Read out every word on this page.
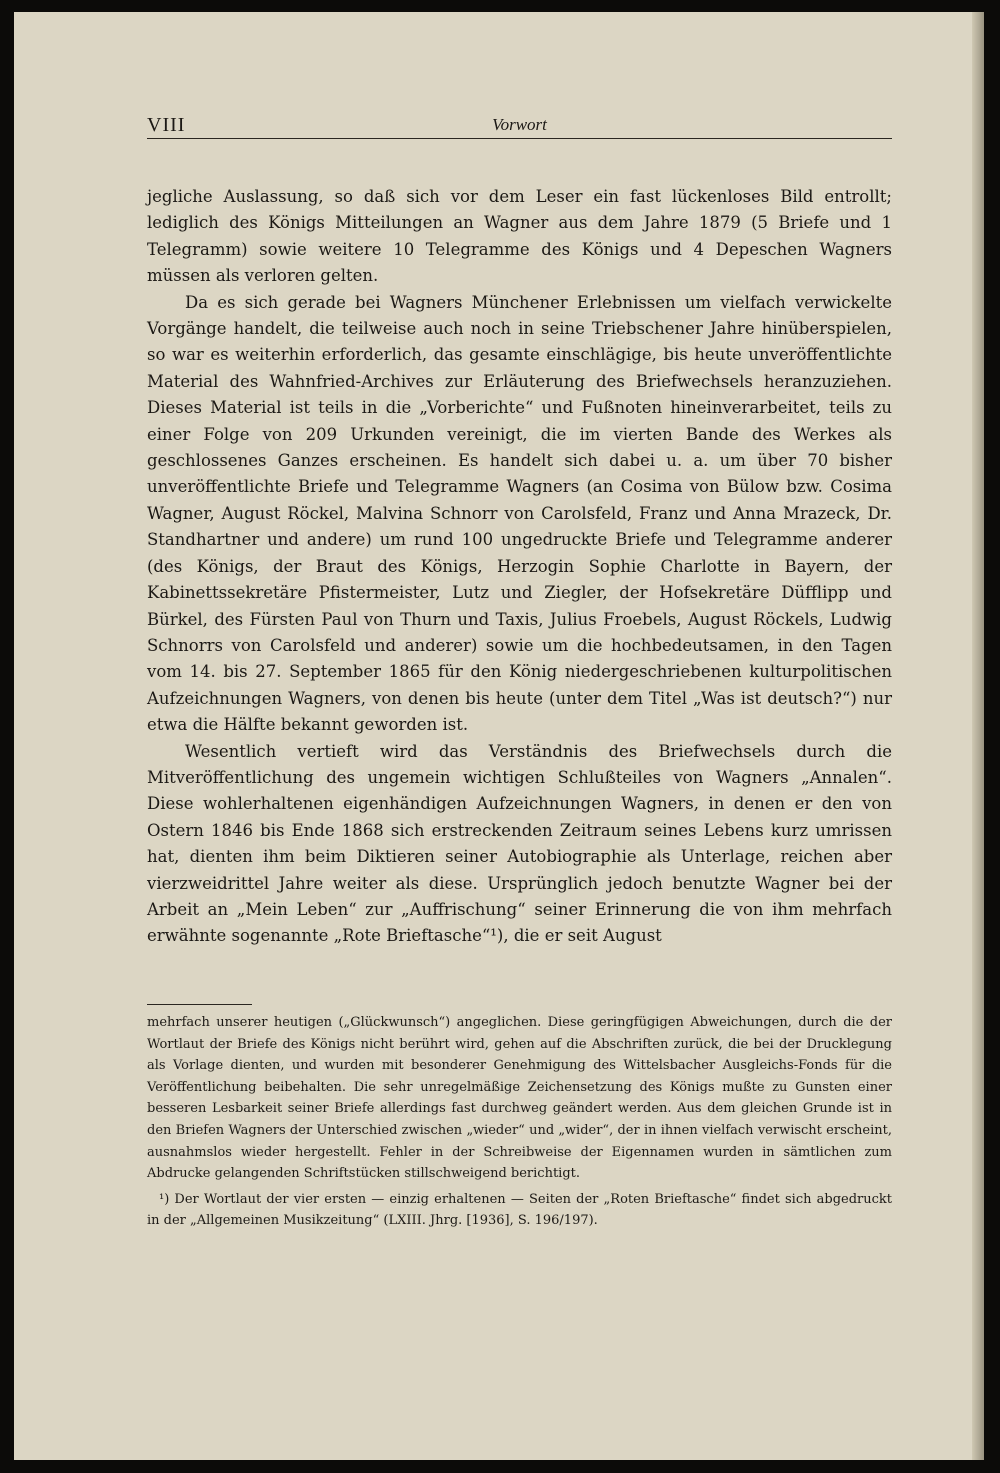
VIII	Vorwort

jegliche Auslassung, so daß sich vor dem Leser ein fast lückenloses Bild entrollt; lediglich des Königs Mitteilungen an Wagner aus dem Jahre 1879 (5 Briefe und 1 Telegramm) sowie weitere 10 Telegramme des Königs und 4 Depeschen Wagners müssen als verloren gelten.

Da es sich gerade bei Wagners Münchener Erlebnissen um vielfach verwickelte Vorgänge handelt, die teilweise auch noch in seine Triebschener Jahre hinüberspielen, so war es weiterhin erforderlich, das gesamte einschlägige, bis heute unveröffentlichte Material des Wahnfried-Archives zur Erläuterung des Briefwechsels heranzuziehen. Dieses Material ist teils in die „Vorberichte“ und Fußnoten hineinverarbeitet, teils zu einer Folge von 209 Urkunden vereinigt, die im vierten Bande des Werkes als geschlossenes Ganzes erscheinen. Es handelt sich dabei u. a. um über 70 bisher unveröffentlichte Briefe und Telegramme Wagners (an Cosima von Bülow bzw. Cosima Wagner, August Röckel, Malvina Schnorr von Carolsfeld, Franz und Anna Mrazeck, Dr. Standhartner und andere) um rund 100 ungedruckte Briefe und Telegramme anderer (des Königs, der Braut des Königs, Herzogin Sophie Charlotte in Bayern, der Kabinettssekretäre Pfistermeister, Lutz und Ziegler, der Hofsekretäre Düfflipp und Bürkel, des Fürsten Paul von Thurn und Taxis, Julius Froebels, August Röckels, Ludwig Schnorrs von Carolsfeld und anderer) sowie um die hochbedeutsamen, in den Tagen vom 14. bis 27. September 1865 für den König niedergeschriebenen kulturpolitischen Aufzeichnungen Wagners, von denen bis heute (unter dem Titel „Was ist deutsch?“) nur etwa die Hälfte bekannt geworden ist.

Wesentlich vertieft wird das Verständnis des Briefwechsels durch die Mitveröffentlichung des ungemein wichtigen Schlußteiles von Wagners „Annalen“. Diese wohlerhaltenen eigenhändigen Aufzeichnungen Wagners, in denen er den von Ostern 1846 bis Ende 1868 sich erstreckenden Zeitraum seines Lebens kurz umrissen hat, dienten ihm beim Diktieren seiner Autobiographie als Unterlage, reichen aber vierzweidrittel Jahre weiter als diese. Ursprünglich jedoch benutzte Wagner bei der Arbeit an „Mein Leben“ zur „Auffrischung“ seiner Erinnerung die von ihm mehrfach erwähnte sogenannte „Rote Brieftasche“¹), die er seit August

mehrfach unserer heutigen („Glückwunsch“) angeglichen. Diese geringfügigen Abweichungen, durch die der Wortlaut der Briefe des Königs nicht berührt wird, gehen auf die Abschriften zurück, die bei der Drucklegung als Vorlage dienten, und wurden mit besonderer Genehmigung des Wittelsbacher Ausgleichs-Fonds für die Veröffentlichung beibehalten. Die sehr unregelmäßige Zeichensetzung des Königs mußte zu Gunsten einer besseren Lesbarkeit seiner Briefe allerdings fast durchweg geändert werden. Aus dem gleichen Grunde ist in den Briefen Wagners der Unterschied zwischen „wieder“ und „wider“, der in ihnen vielfach verwischt erscheint, ausnahmslos wieder hergestellt. Fehler in der Schreibweise der Eigennamen wurden in sämtlichen zum Abdrucke gelangenden Schriftstücken stillschweigend berichtigt.

¹) Der Wortlaut der vier ersten — einzig erhaltenen — Seiten der „Roten Brieftasche“ findet sich abgedruckt in der „Allgemeinen Musikzeitung“ (LXIII. Jhrg. [1936], S. 196/197).
